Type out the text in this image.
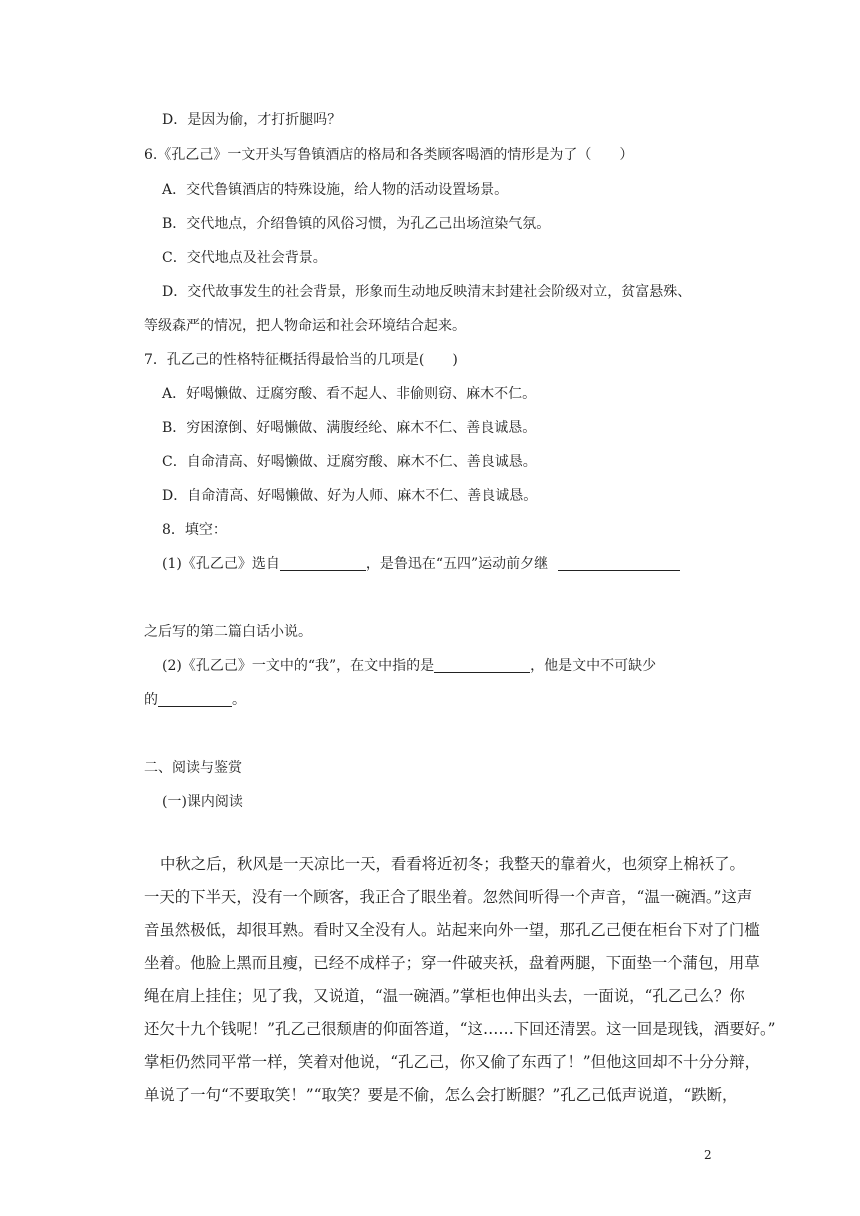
D．是因为偷，才打折腿吗？
6.《孔乙己》一文开头写鲁镇酒店的格局和各类顾客喝酒的情形是为了（　　）
A．交代鲁镇酒店的特殊设施，给人物的活动设置场景。
B．交代地点，介绍鲁镇的风俗习惯，为孔乙己出场渲染气氛。
C．交代地点及社会背景。
D．交代故事发生的社会背景，形象而生动地反映清末封建社会阶级对立，贫富悬殊、
等级森严的情况，把人物命运和社会环境结合起来。
7．孔乙己的性格特征概括得最恰当的几项是(　　)
A．好喝懒做、迂腐穷酸、看不起人、非偷则窃、麻木不仁。
B．穷困潦倒、好喝懒做、满腹经纶、麻木不仁、善良诚恳。
C．自命清高、好喝懒做、迂腐穷酸、麻木不仁、善良诚恳。
D．自命清高、好喝懒做、好为人师、麻木不仁、善良诚恳。
8．填空：
(1)《孔乙己》选自	，是鲁迅在“五四”运动前夕继
之后写的第二篇白话小说。
(2)《孔乙己》一文中的“我”，在文中指的是	，他是文中不可缺少
的	。
二、阅读与鉴赏
(一)课内阅读
中秋之后，秋风是一天凉比一天，看看将近初冬；我整天的靠着火，也须穿上棉袄了。
一天的下半天，没有一个顾客，我正合了眼坐着。忽然间听得一个声音，“温一碗酒。”这声
音虽然极低，却很耳熟。看时又全没有人。站起来向外一望，那孔乙己便在柜台下对了门槛
坐着。他脸上黑而且瘦，已经不成样子；穿一件破夹袄，盘着两腿，下面垫一个蒲包，用草
绳在肩上挂住；见了我，又说道，“温一碗酒。”掌柜也伸出头去，一面说，“孔乙己么？你
还欠十九个钱呢！”孔乙己很颓唐的仰面答道，“这……下回还清罢。这一回是现钱，酒要好。”
掌柜仍然同平常一样，笑着对他说，“孔乙己，你又偷了东西了！”但他这回却不十分分辩，
单说了一句“不要取笑！”“取笑？要是不偷，怎么会打断腿？”孔乙己低声说道，“跌断，
2
